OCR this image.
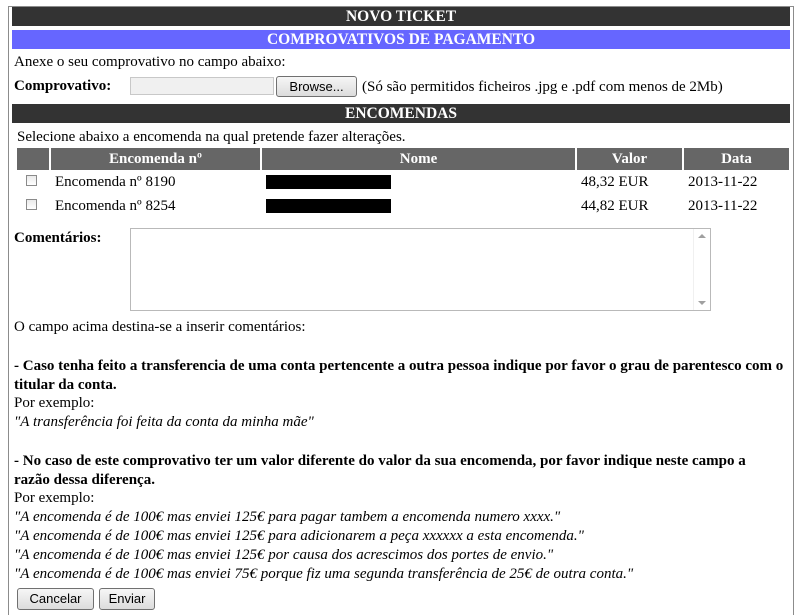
NOVO TICKET
COMPROVATIVOS DE PAGAMENTO
Anexe o seu comprovativo no campo abaixo:
Comprovativo:	Browse...	(Só são permitidos ficheiros .jpg e .pdf com menos de 2Mb)
ENCOMENDAS
Selecione abaixo a encomenda na qual pretende fazer alterações.
	Encomenda nº	Nome	Valor	Data
	Encomenda nº 8190		48,32 EUR	2013-11-22
	Encomenda nº 8254		44,82 EUR	2013-11-22
Comentários:
O campo acima destina-se a inserir comentários:
- Caso tenha feito a transferencia de uma conta pertencente a outra pessoa indique por favor o grau de parentesco com o titular da conta.
Por exemplo:
"A transferência foi feita da conta da minha mãe"
- No caso de este comprovativo ter um valor diferente do valor da sua encomenda, por favor indique neste campo a razão dessa diferença.
Por exemplo:
"A encomenda é de 100€ mas enviei 125€ para pagar tambem a encomenda numero xxxx."
"A encomenda é de 100€ mas enviei 125€ para adicionarem a peça xxxxxx a esta encomenda."
"A encomenda é de 100€ mas enviei 125€ por causa dos acrescimos dos portes de envio."
"A encomenda é de 100€ mas enviei 75€ porque fiz uma segunda transferência de 25€ de outra conta."
Cancelar	Enviar
